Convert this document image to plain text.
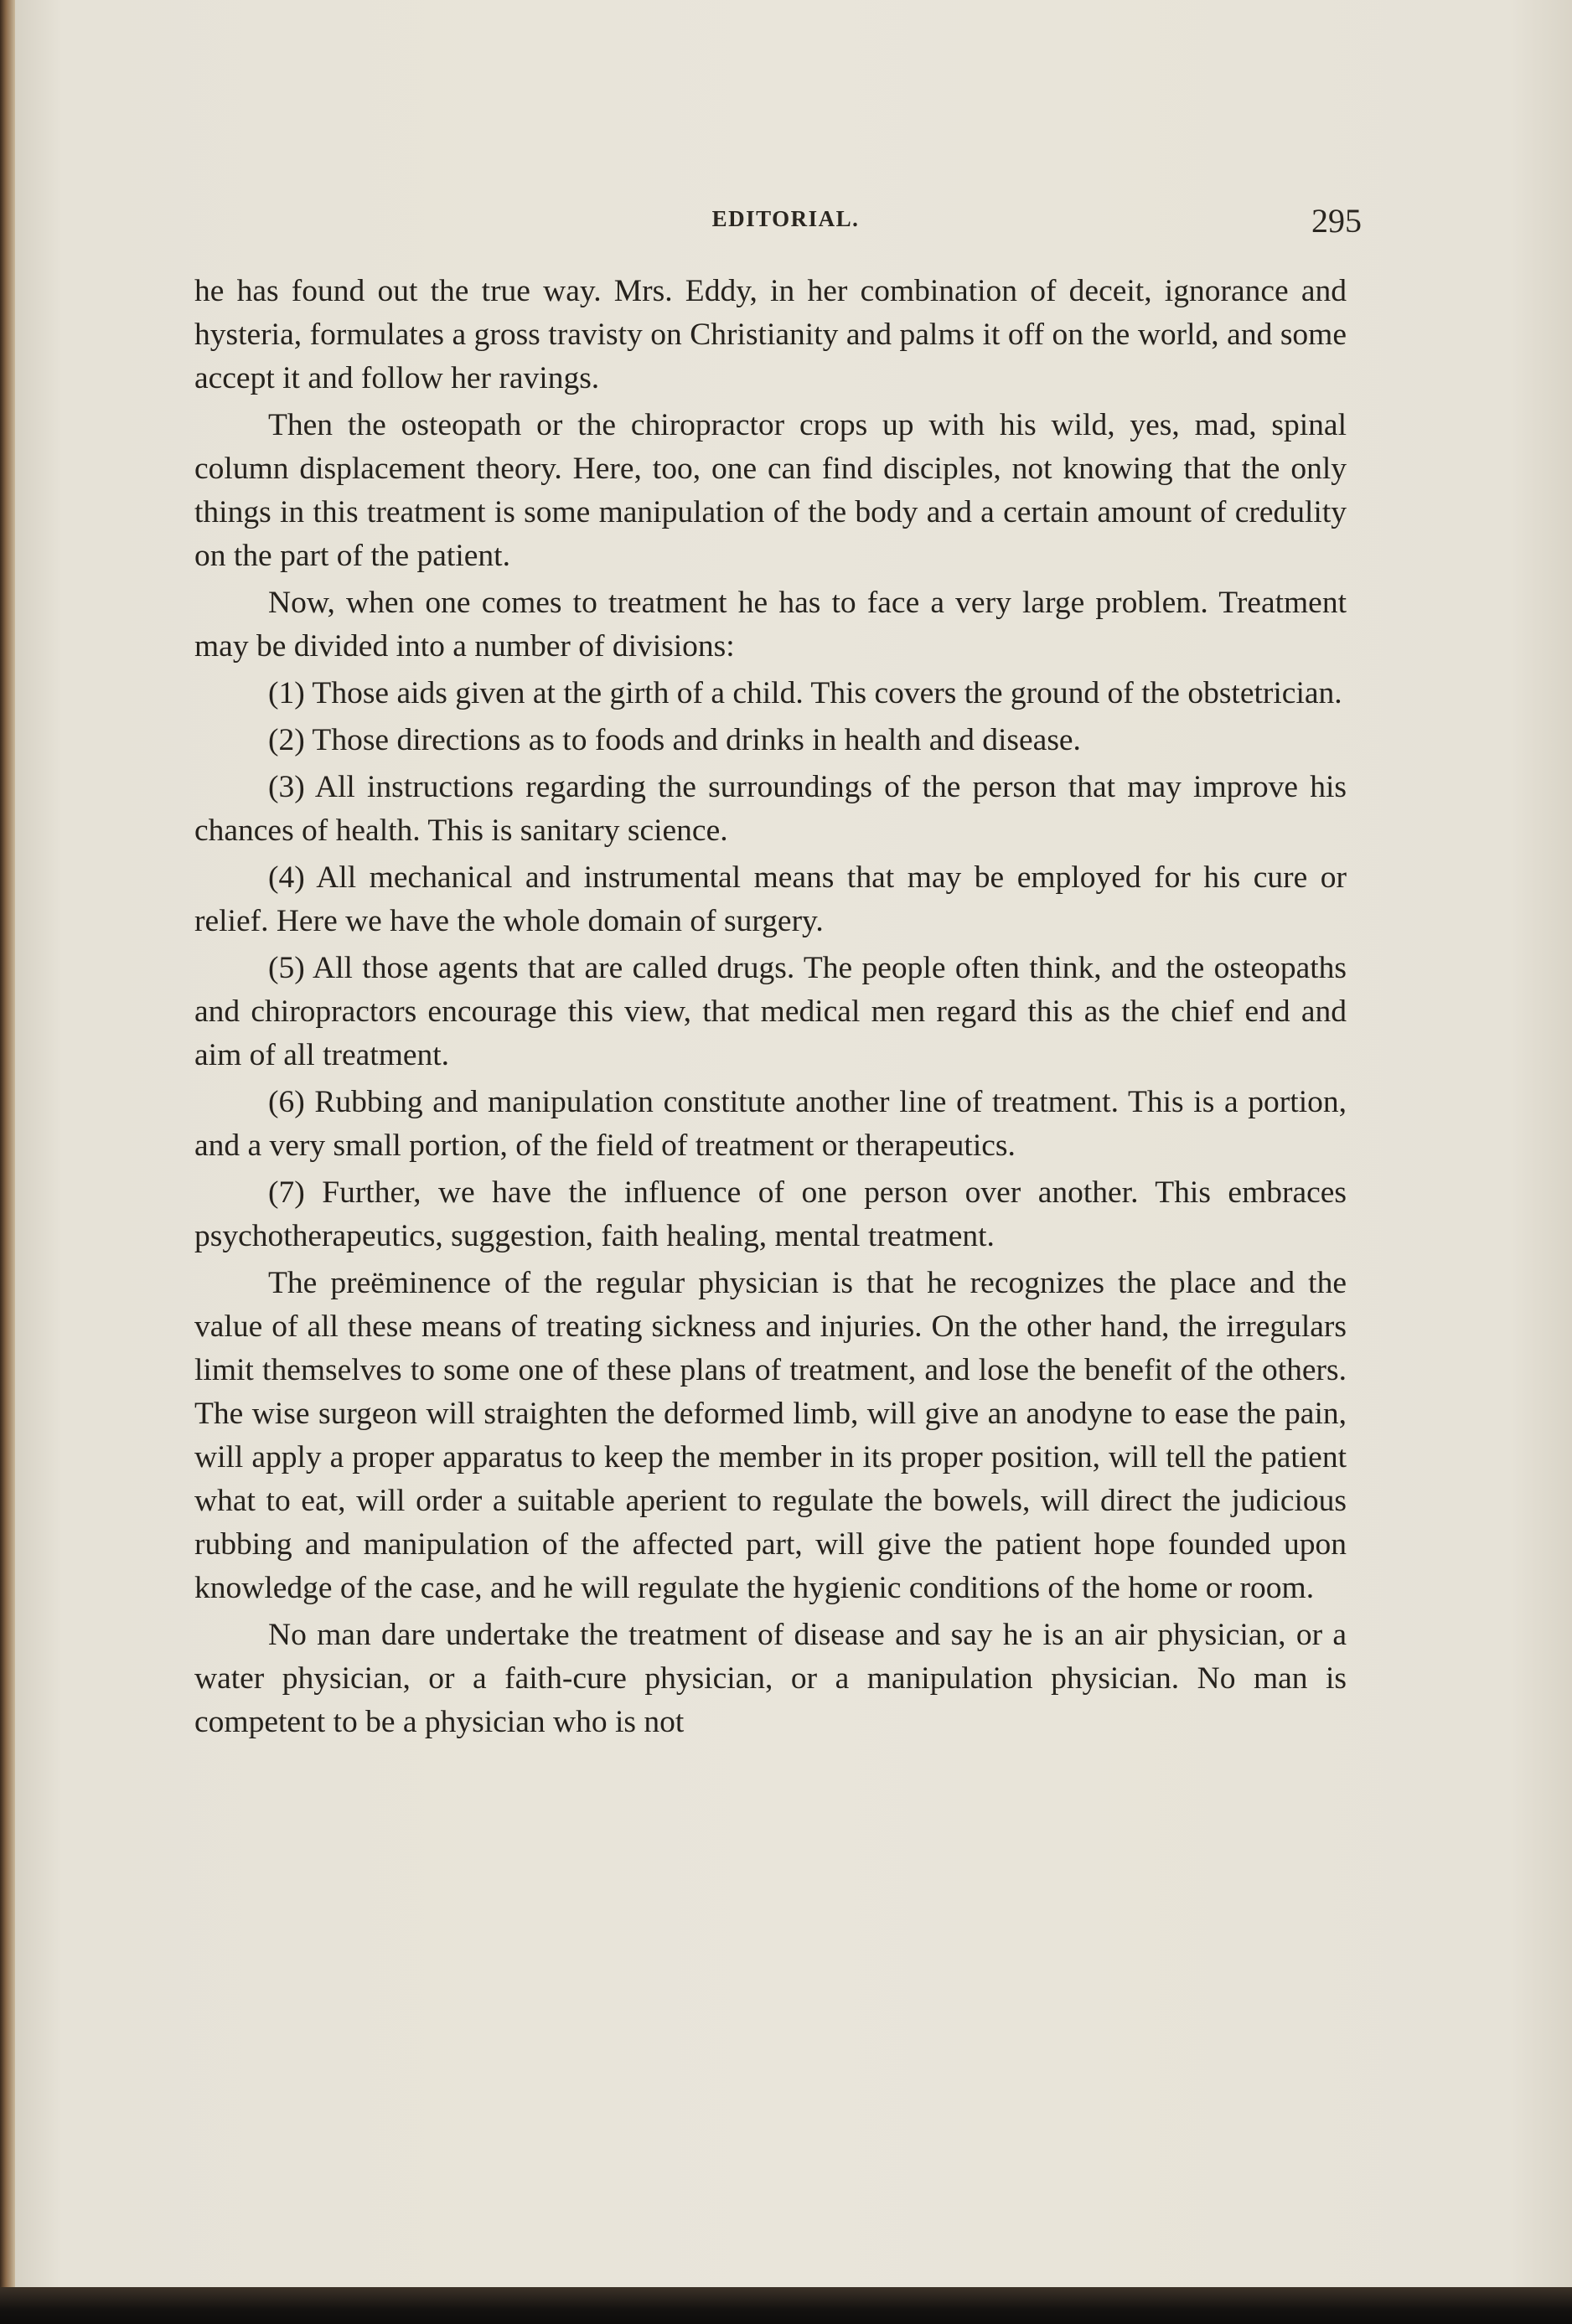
EDITORIAL.	295

he has found out the true way. Mrs. Eddy, in her combination of deceit, ignorance and hysteria, formulates a gross travisty on Christianity and palms it off on the world, and some accept it and follow her ravings.

Then the osteopath or the chiropractor crops up with his wild, yes, mad, spinal column displacement theory. Here, too, one can find disciples, not knowing that the only things in this treatment is some manipulation of the body and a certain amount of credulity on the part of the patient.

Now, when one comes to treatment he has to face a very large problem. Treatment may be divided into a number of divisions:

(1) Those aids given at the girth of a child. This covers the ground of the obstetrician.

(2) Those directions as to foods and drinks in health and disease.

(3) All instructions regarding the surroundings of the person that may improve his chances of health. This is sanitary science.

(4) All mechanical and instrumental means that may be employed for his cure or relief. Here we have the whole domain of surgery.

(5) All those agents that are called drugs. The people often think, and the osteopaths and chiropractors encourage this view, that medical men regard this as the chief end and aim of all treatment.

(6) Rubbing and manipulation constitute another line of treatment. This is a portion, and a very small portion, of the field of treatment or therapeutics.

(7) Further, we have the influence of one person over another. This embraces psychotherapeutics, suggestion, faith healing, mental treatment.

The preëminence of the regular physician is that he recognizes the place and the value of all these means of treating sickness and injuries. On the other hand, the irregulars limit themselves to some one of these plans of treatment, and lose the benefit of the others. The wise surgeon will straighten the deformed limb, will give an anodyne to ease the pain, will apply a proper apparatus to keep the member in its proper position, will tell the patient what to eat, will order a suitable aperient to regulate the bowels, will direct the judicious rubbing and manipulation of the affected part, will give the patient hope founded upon knowledge of the case, and he will regulate the hygienic conditions of the home or room.

No man dare undertake the treatment of disease and say he is an air physician, or a water physician, or a faith-cure physician, or a manipulation physician. No man is competent to be a physician who is not
